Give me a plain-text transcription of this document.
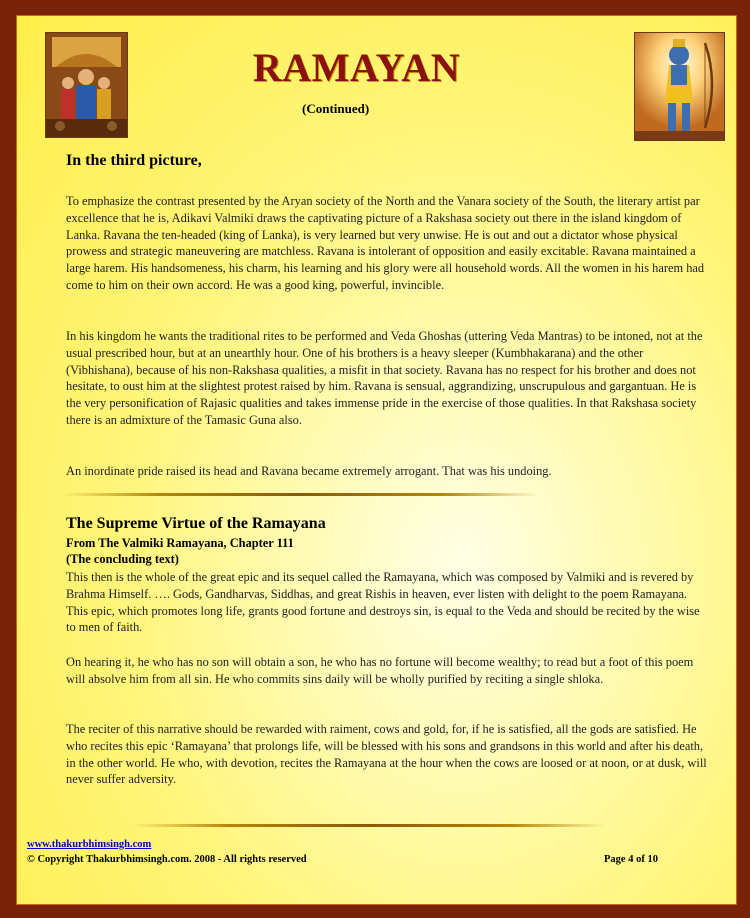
RAMAYAN
(Continued)
In the third picture,
To emphasize the contrast presented by the Aryan society of the North and the Vanara society of the South, the literary artist par excellence that he is, Adikavi Valmiki draws the captivating picture of a Rakshasa society out there in the island kingdom of Lanka. Ravana the ten-headed (king of Lanka), is very learned but very unwise. He is out and out a dictator whose physical prowess and strategic maneuvering are matchless. Ravana is intolerant of opposition and easily excitable. Ravana maintained a large harem. His handsomeness, his charm, his learning and his glory were all household words. All the women in his harem had come to him on their own accord. He was a good king, powerful, invincible.
In his kingdom he wants the traditional rites to be performed and Veda Ghoshas (uttering Veda Mantras) to be intoned, not at the usual prescribed hour, but at an unearthly hour. One of his brothers is a heavy sleeper (Kumbhakarana) and the other (Vibhishana), because of his non-Rakshasa qualities, a misfit in that society. Ravana has no respect for his brother and does not hesitate, to oust him at the slightest protest raised by him. Ravana is sensual, aggrandizing, unscrupulous and gargantuan. He is the very personification of Rajasic qualities and takes immense pride in the exercise of those qualities. In that Rakshasa society there is an admixture of the Tamasic Guna also.
An inordinate pride raised its head and Ravana became extremely arrogant. That was his undoing.
The Supreme Virtue of the Ramayana
From The Valmiki Ramayana, Chapter 111
(The concluding text)
This then is the whole of the great epic and its sequel called the Ramayana, which was composed by Valmiki and is revered by Brahma Himself. …. Gods, Gandharvas, Siddhas, and great Rishis in heaven, ever listen with delight to the poem Ramayana. This epic, which promotes long life, grants good fortune and destroys sin, is equal to the Veda and should be recited by the wise to men of faith.
On hearing it, he who has no son will obtain a son, he who has no fortune will become wealthy; to read but a foot of this poem will absolve him from all sin. He who commits sins daily will be wholly purified by reciting a single shloka.
The reciter of this narrative should be rewarded with raiment, cows and gold, for, if he is satisfied, all the gods are satisfied. He who recites this epic ‘Ramayana’ that prolongs life, will be blessed with his sons and grandsons in this world and after his death, in the other world. He who, with devotion, recites the Ramayana at the hour when the cows are loosed or at noon, or at dusk, will never suffer adversity.
www.thakurbhimsingh.com
© Copyright Thakurbhimsingh.com. 2008 - All rights reserved	Page 4 of 10
